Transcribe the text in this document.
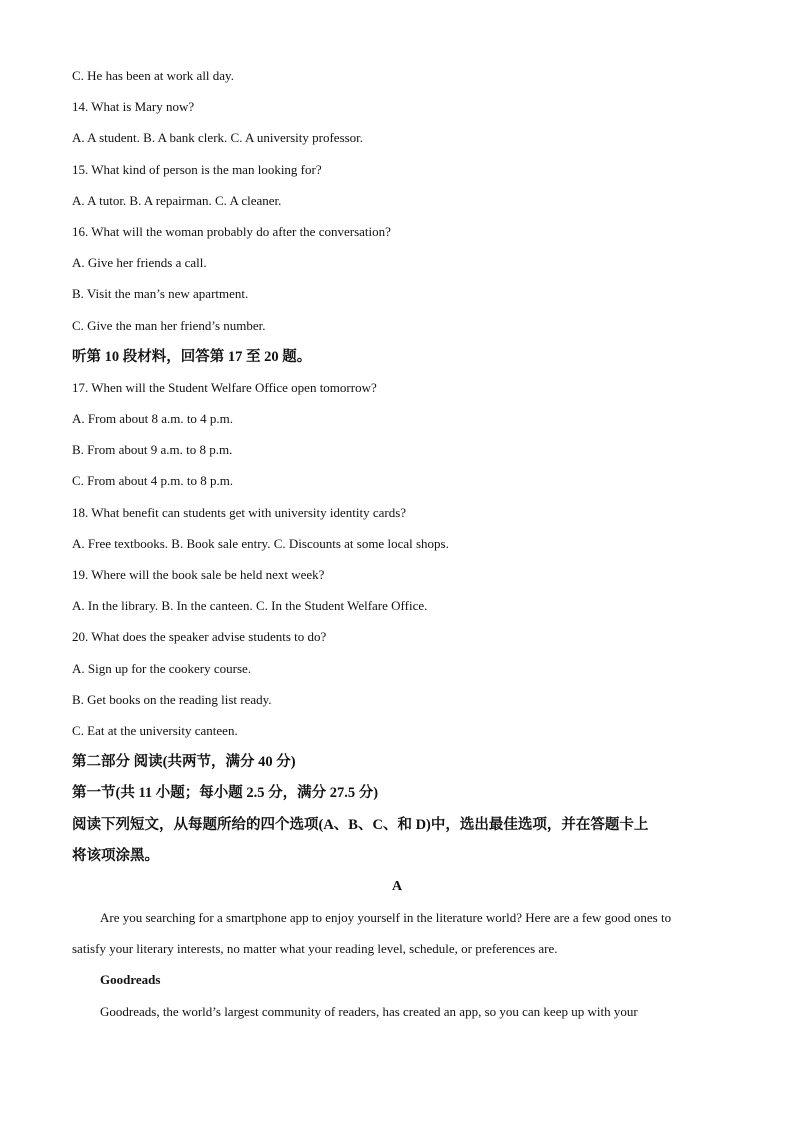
C. He has been at work all day.
14. What is Mary now?
A. A student. B. A bank clerk. C. A university professor.
15. What kind of person is the man looking for?
A. A tutor. B. A repairman. C. A cleaner.
16. What will the woman probably do after the conversation?
A. Give her friends a call.
B. Visit the man’s new apartment.
C. Give the man her friend’s number.
听第 10 段材料，回答第 17 至 20 题。
17. When will the Student Welfare Office open tomorrow?
A. From about 8 a.m. to 4 p.m.
B. From about 9 a.m. to 8 p.m.
C. From about 4 p.m. to 8 p.m.
18. What benefit can students get with university identity cards?
A. Free textbooks. B. Book sale entry. C. Discounts at some local shops.
19. Where will the book sale be held next week?
A. In the library. B. In the canteen. C. In the Student Welfare Office.
20. What does the speaker advise students to do?
A. Sign up for the cookery course.
B. Get books on the reading list ready.
C. Eat at the university canteen.
第二部分 阅读(共两节，满分 40 分)
第一节(共 11 小题；每小题 2.5 分，满分 27.5 分)
阅读下列短文，从每题所给的四个选项(A、B、C、和 D)中，选出最佳选项，并在答题卡上
将该项涂黑。
A
Are you searching for a smartphone app to enjoy yourself in the literature world? Here are a few good ones to
satisfy your literary interests, no matter what your reading level, schedule, or preferences are.
Goodreads
Goodreads, the world’s largest community of readers, has created an app, so you can keep up with your
